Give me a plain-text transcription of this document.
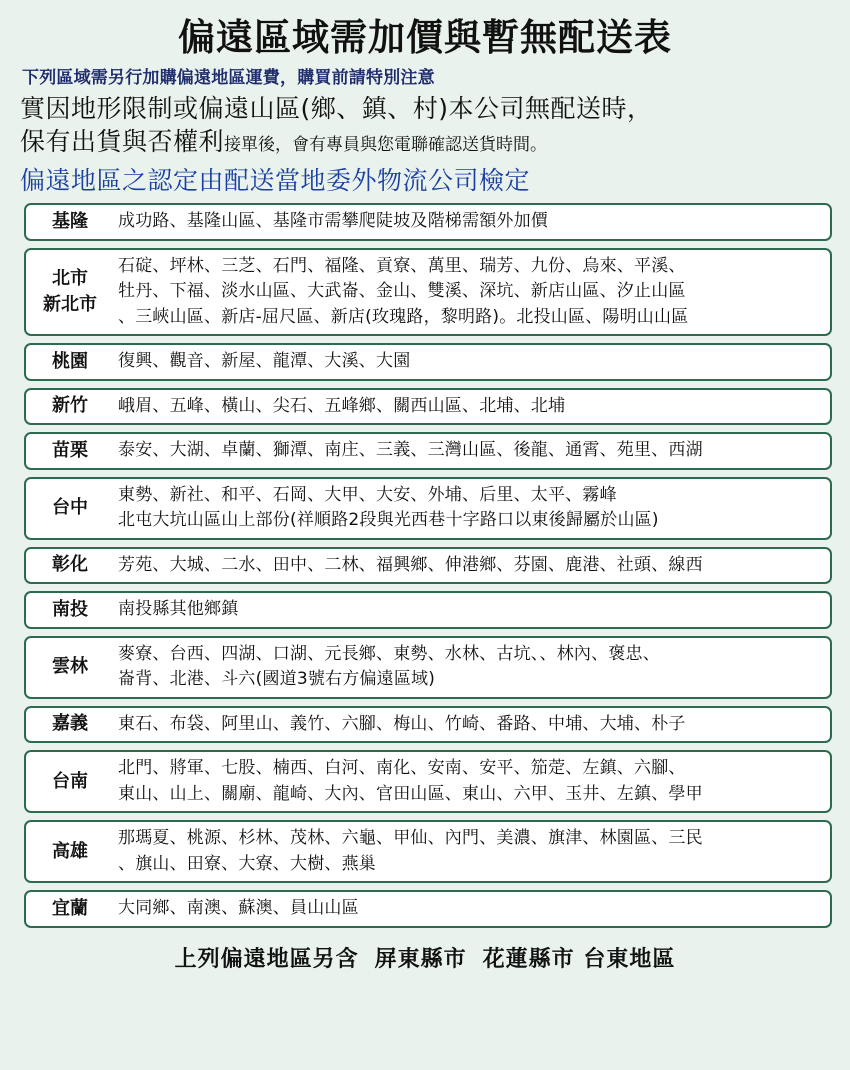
偏遠區域需加價與暫無配送表
下列區域需另行加購偏遠地區運費，購買前請特別注意
實因地形限制或偏遠山區(鄉、鎮、村)本公司無配送時，
保有出貨與否權利接單後，會有專員與您電聯確認送貨時間。
偏遠地區之認定由配送當地委外物流公司檢定
基隆 成功路、基隆山區、基隆市需攀爬陡坡及階梯需額外加價
北市
新北市
石碇、坪林、三芝、石門、福隆、貢寮、萬里、瑞芳、九份、烏來、平溪、
牡丹、下福、淡水山區、大武崙、金山、雙溪、深坑、新店山區、汐止山區
、三峽山區、新店-屈尺區、新店(玫瑰路，黎明路)。北投山區、陽明山山區
桃園 復興、觀音、新屋、龍潭、大溪、大園
新竹 峨眉、五峰、橫山、尖石、五峰鄉、關西山區、北埔、北埔
苗栗 泰安、大湖、卓蘭、獅潭、南庄、三義、三灣山區、後龍、通霄、苑里、西湖
台中
東勢、新社、和平、石岡、大甲、大安、外埔、后里、太平、霧峰
北屯大坑山區山上部份(祥順路2段與光西巷十字路口以東後歸屬於山區)
彰化 芳苑、大城、二水、田中、二林、福興鄉、伸港鄉、芬園、鹿港、社頭、線西
南投 南投縣其他鄉鎮
雲林
麥寮、台西、四湖、口湖、元長鄉、東勢、水林、古坑、、林內、褒忠、
崙背、北港、斗六(國道3號右方偏遠區域)
嘉義 東石、布袋、阿里山、義竹、六腳、梅山、竹崎、番路、中埔、大埔、朴子
台南
北門、將軍、七股、楠西、白河、南化、安南、安平、笳萣、左鎮、六腳、
東山、山上、關廟、龍崎、大內、官田山區、東山、六甲、玉井、左鎮、學甲
高雄
那瑪夏、桃源、杉林、茂林、六龜、甲仙、內門、美濃、旗津、林園區、三民
、旗山、田寮、大寮、大樹、燕巢
宜蘭 大同鄉、南澳、蘇澳、員山山區
上列偏遠地區另含 屏東縣市 花蓮縣市 台東地區
